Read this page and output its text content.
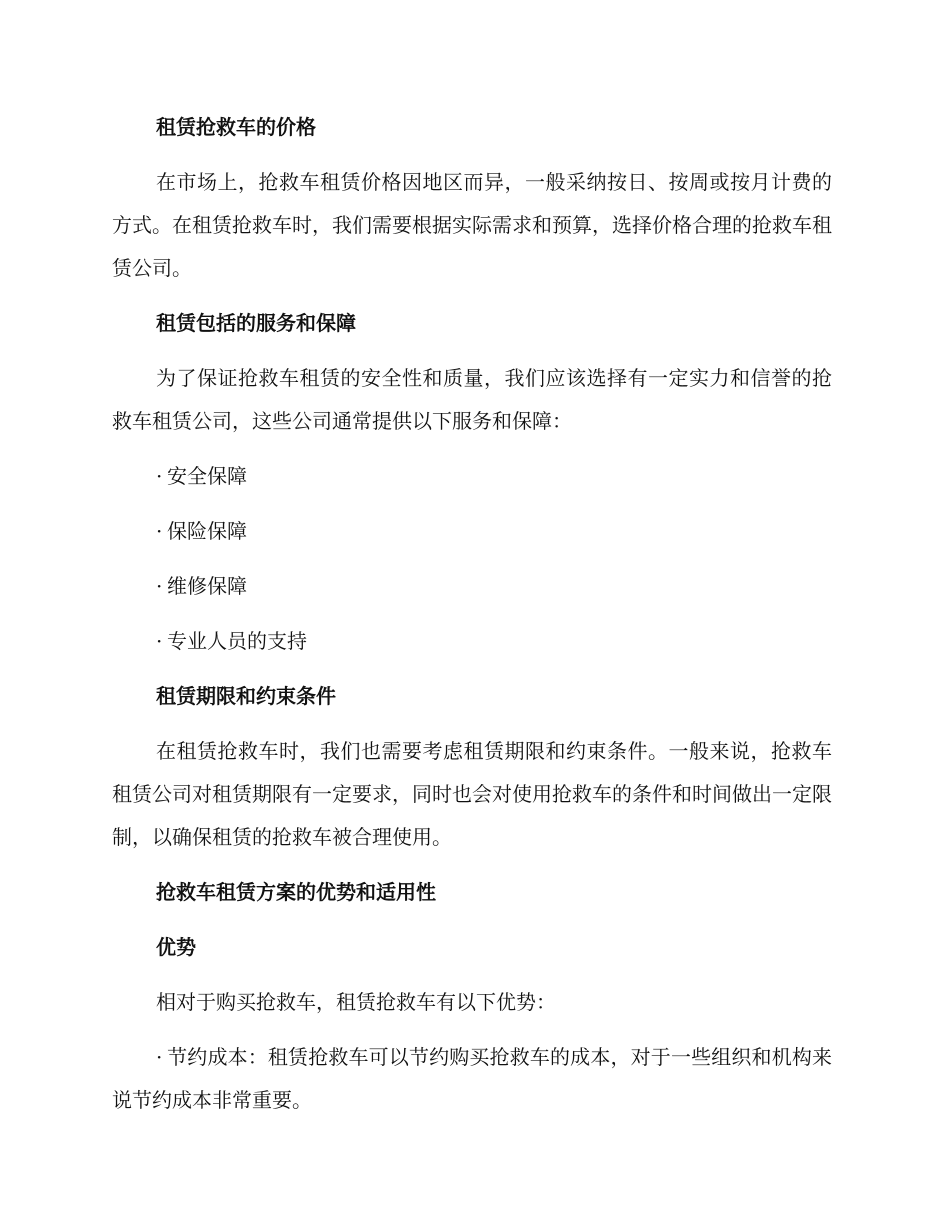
租赁抢救车的价格
在市场上，抢救车租赁价格因地区而异，一般采纳按日、按周或按月计费的方式。在租赁抢救车时，我们需要根据实际需求和预算，选择价格合理的抢救车租赁公司。
租赁包括的服务和保障
为了保证抢救车租赁的安全性和质量，我们应该选择有一定实力和信誉的抢救车租赁公司，这些公司通常提供以下服务和保障：
· 安全保障
· 保险保障
· 维修保障
· 专业人员的支持
租赁期限和约束条件
在租赁抢救车时，我们也需要考虑租赁期限和约束条件。一般来说，抢救车租赁公司对租赁期限有一定要求，同时也会对使用抢救车的条件和时间做出一定限制，以确保租赁的抢救车被合理使用。
抢救车租赁方案的优势和适用性
优势
相对于购买抢救车，租赁抢救车有以下优势：
· 节约成本：租赁抢救车可以节约购买抢救车的成本，对于一些组织和机构来说节约成本非常重要。
